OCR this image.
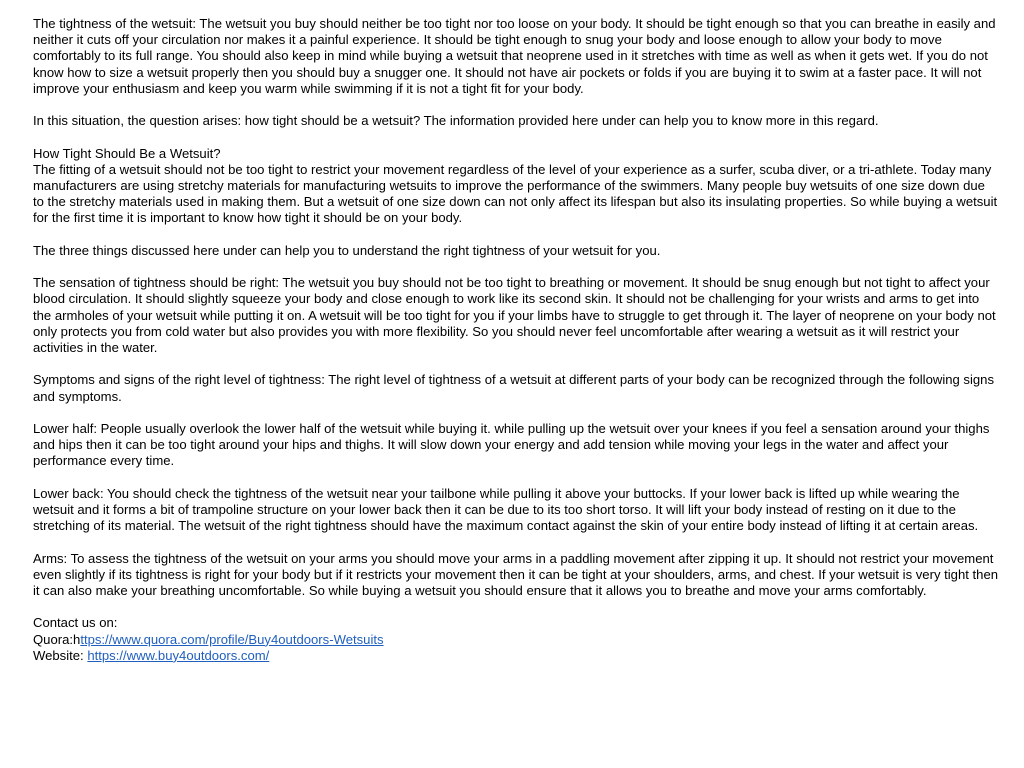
The tightness of the wetsuit: The wetsuit you buy should neither be too tight nor too loose on your body. It should be tight enough so that you can breathe in easily and neither it cuts off your circulation nor makes it a painful experience. It should be tight enough to snug your body and loose enough to allow your body to move comfortably to its full range. You should also keep in mind while buying a wetsuit that neoprene used in it stretches with time as well as when it gets wet. If you do not know how to size a wetsuit properly then you should buy a snugger one. It should not have air pockets or folds if you are buying it to swim at a faster pace. It will not improve your enthusiasm and keep you warm while swimming if it is not a tight fit for your body.

In this situation, the question arises: how tight should be a wetsuit? The information provided here under can help you to know more in this regard.

How Tight Should Be a Wetsuit?
The fitting of a wetsuit should not be too tight to restrict your movement regardless of the level of your experience as a surfer, scuba diver, or a tri-athlete. Today many manufacturers are using stretchy materials for manufacturing wetsuits to improve the performance of the swimmers. Many people buy wetsuits of one size down due to the stretchy materials used in making them. But a wetsuit of one size down can not only affect its lifespan but also its insulating properties. So while buying a wetsuit for the first time it is important to know how tight it should be on your body.

The three things discussed here under can help you to understand the right tightness of your wetsuit for you.

The sensation of tightness should be right: The wetsuit you buy should not be too tight to breathing or movement. It should be snug enough but not tight to affect your blood circulation. It should slightly squeeze your body and close enough to work like its second skin. It should not be challenging for your wrists and arms to get into the armholes of your wetsuit while putting it on. A wetsuit will be too tight for you if your limbs have to struggle to get through it. The layer of neoprene on your body not only protects you from cold water but also provides you with more flexibility. So you should never feel uncomfortable after wearing a wetsuit as it will restrict your activities in the water.

Symptoms and signs of the right level of tightness: The right level of tightness of a wetsuit at different parts of your body can be recognized through the following signs and symptoms.

Lower half: People usually overlook the lower half of the wetsuit while buying it. while pulling up the wetsuit over your knees if you feel a sensation around your thighs and hips then it can be too tight around your hips and thighs. It will slow down your energy and add tension while moving your legs in the water and affect your performance every time.

Lower back: You should check the tightness of the wetsuit near your tailbone while pulling it above your buttocks. If your lower back is lifted up while wearing the wetsuit and it forms a bit of trampoline structure on your lower back then it can be due to its too short torso. It will lift your body instead of resting on it due to the stretching of its material. The wetsuit of the right tightness should have the maximum contact against the skin of your entire body instead of lifting it at certain areas.

Arms: To assess the tightness of the wetsuit on your arms you should move your arms in a paddling movement after zipping it up. It should not restrict your movement even slightly if its tightness is right for your body but if it restricts your movement then it can be tight at your shoulders, arms, and chest. If your wetsuit is very tight then it can also make your breathing uncomfortable. So while buying a wetsuit you should ensure that it allows you to breathe and move your arms comfortably.

Contact us on:
Quora:https://www.quora.com/profile/Buy4outdoors-Wetsuits
Website: https://www.buy4outdoors.com/
